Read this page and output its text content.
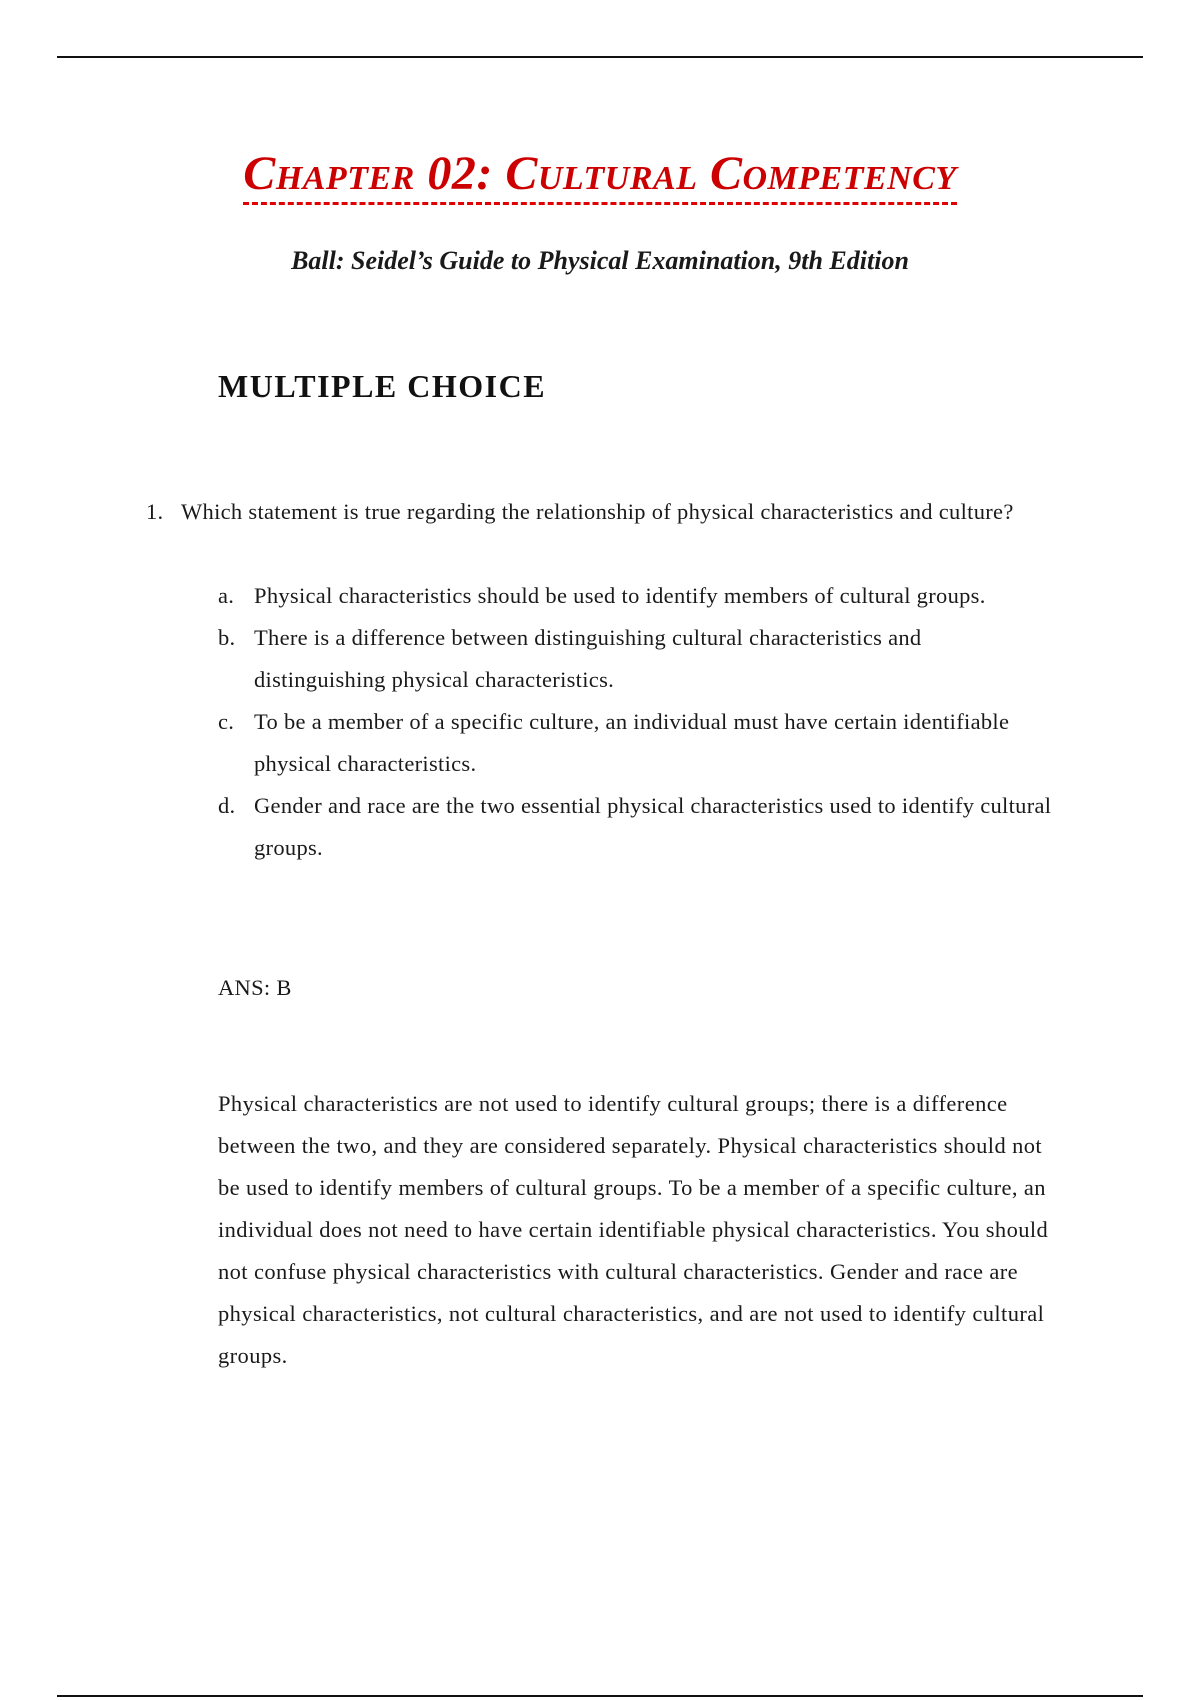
Chapter 02: Cultural Competency
Ball: Seidel’s Guide to Physical Examination, 9th Edition
MULTIPLE CHOICE
1. Which statement is true regarding the relationship of physical characteristics and culture?
a. Physical characteristics should be used to identify members of cultural groups.
b. There is a difference between distinguishing cultural characteristics and distinguishing physical characteristics.
c. To be a member of a specific culture, an individual must have certain identifiable physical characteristics.
d. Gender and race are the two essential physical characteristics used to identify cultural groups.
ANS: B

Physical characteristics are not used to identify cultural groups; there is a difference between the two, and they are considered separately. Physical characteristics should not be used to identify members of cultural groups. To be a member of a specific culture, an individual does not need to have certain identifiable physical characteristics. You should not confuse physical characteristics with cultural characteristics. Gender and race are physical characteristics, not cultural characteristics, and are not used to identify cultural groups.
